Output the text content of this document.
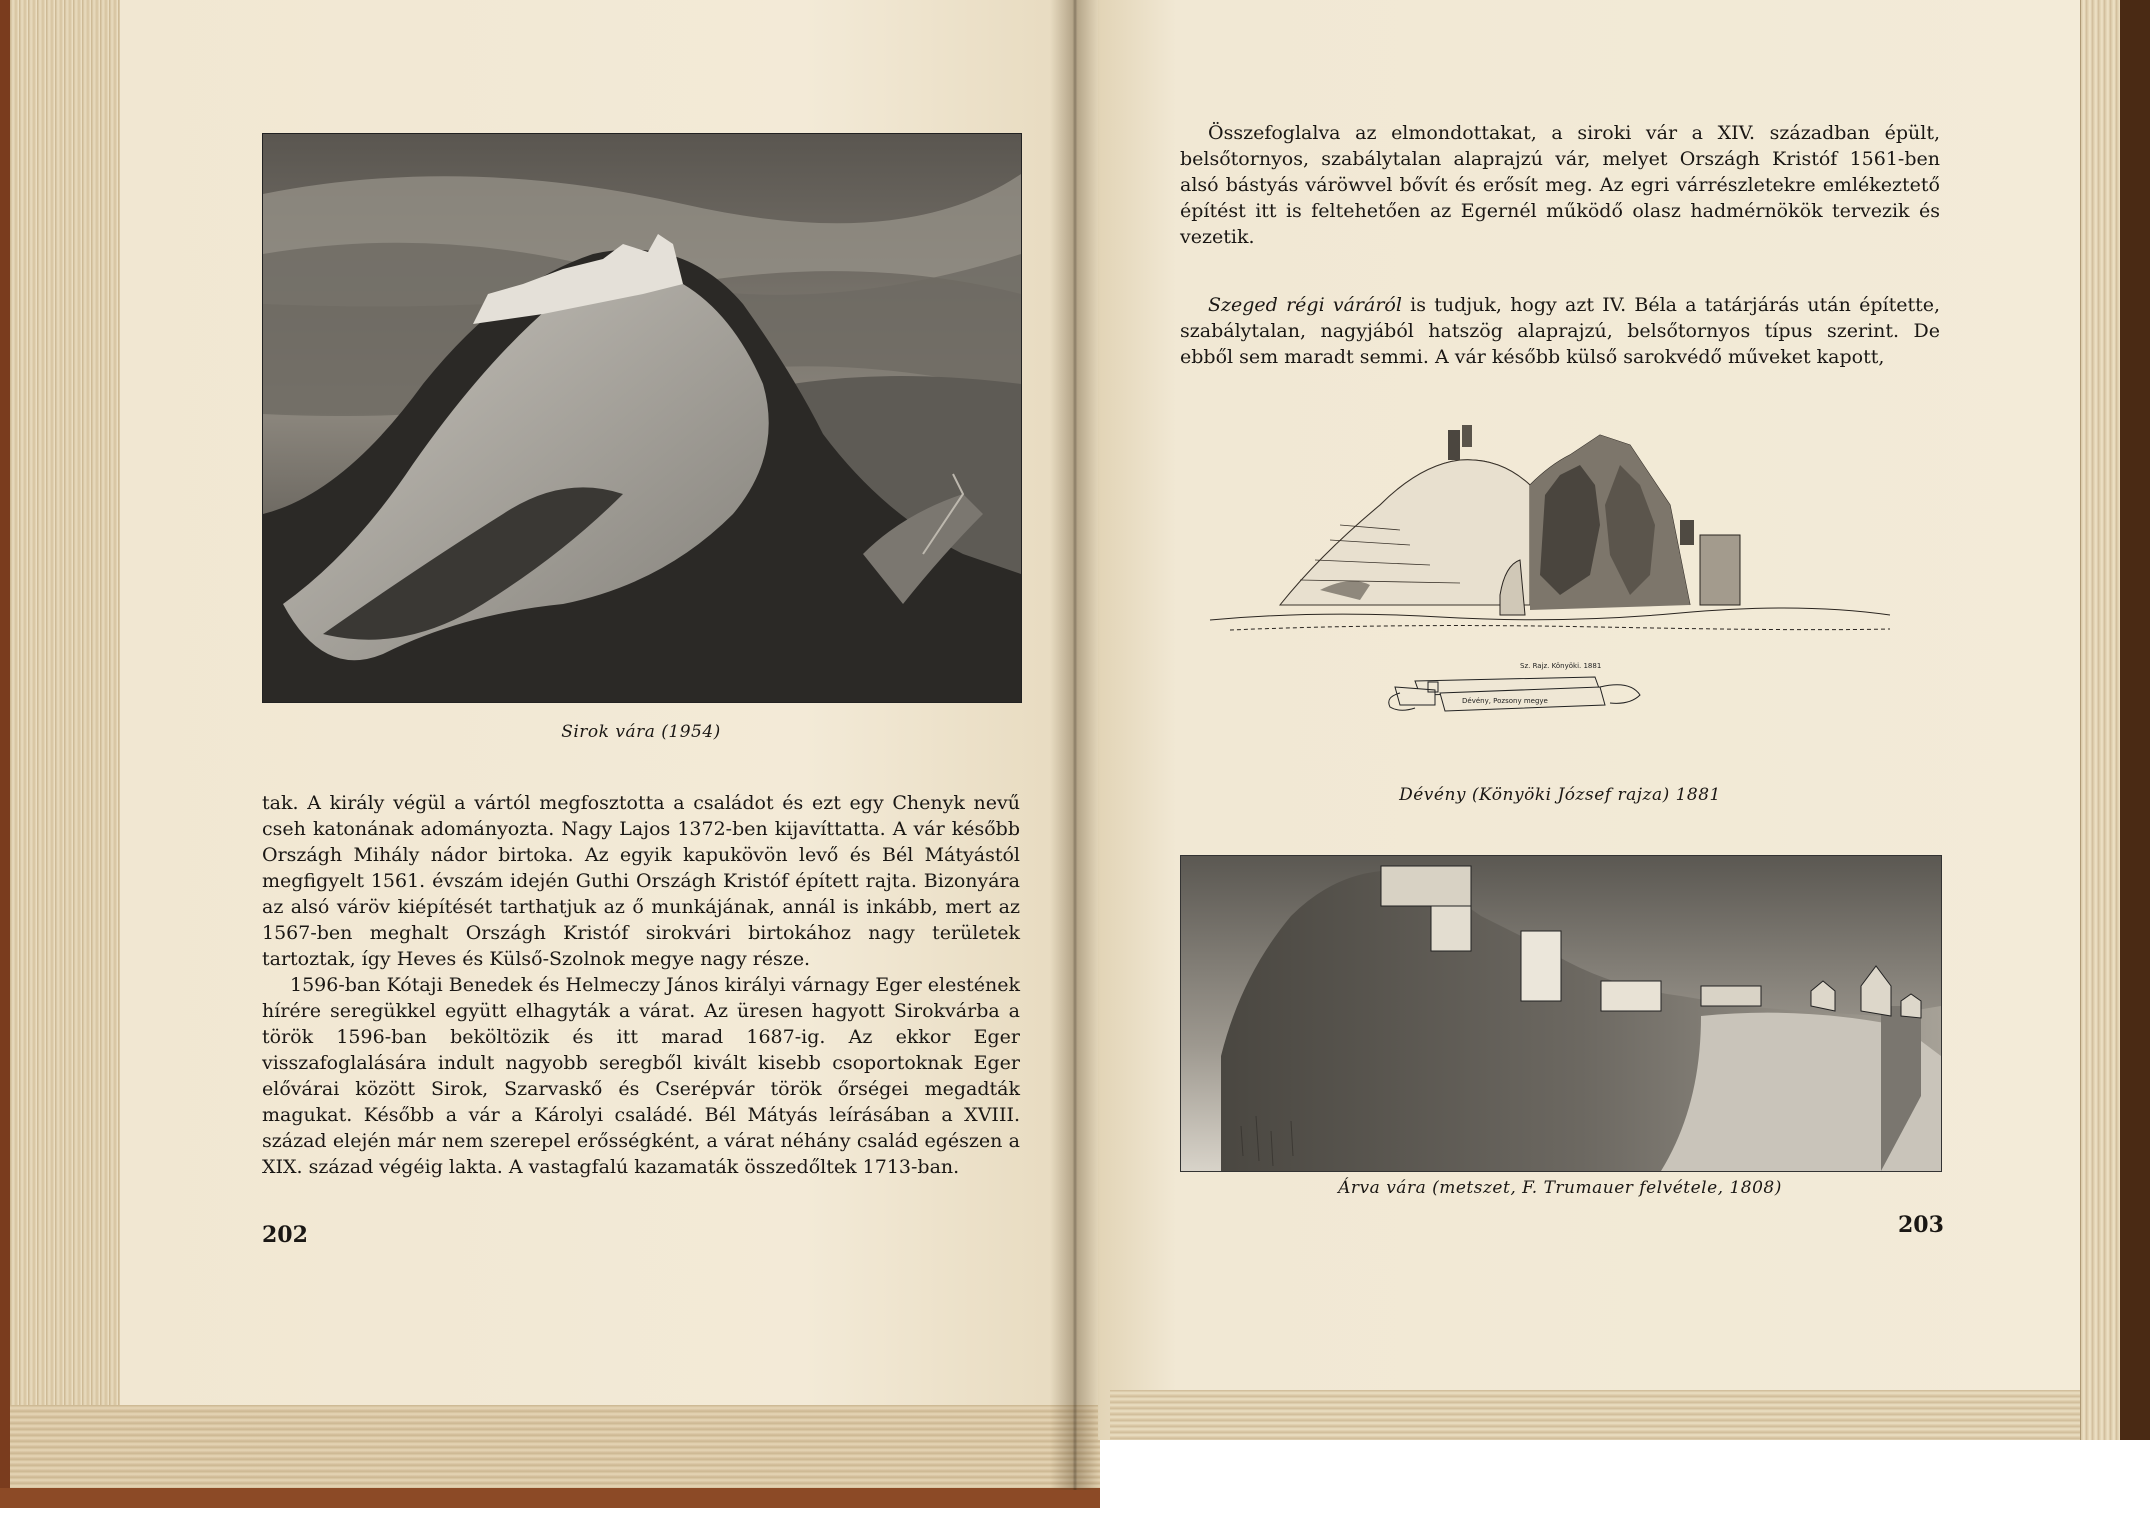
Sirok vára (1954)

tak. A király végül a vártól megfosztotta a családot és ezt egy Chenyk nevű cseh katonának adományozta. Nagy Lajos 1372-ben kijavíttatta. A vár később Országh Mihály nádor birtoka. Az egyik kapukövön levő és Bél Mátyástól megfigyelt 1561. évszám idején Guthi Országh Kristóf épített rajta. Bizonyára az alsó váröv kiépítését tarthatjuk az ő munkájának, annál is inkább, mert az 1567-ben meghalt Országh Kristóf sirokvári birtokához nagy területek tartoztak, így Heves és Külső-Szolnok megye nagy része.

1596-ban Kótaji Benedek és Helmeczy János királyi várnagy Eger elestének hírére seregükkel együtt elhagyták a várat. Az üresen hagyott Sirokvárba a török 1596-ban beköltözik és itt marad 1687-ig. Az ekkor Eger visszafoglalására indult nagyobb seregből kivált kisebb csoportoknak Eger elővárai között Sirok, Szarvaskő és Cserépvár török őrségei megadták magukat. Később a vár a Károlyi családé. Bél Mátyás leírásában a XVIII. század elején már nem szerepel erősségként, a várat néhány család egészen a XIX. század végéig lakta. A vastagfalú kazamaták összedőltek 1713-ban.

202

Összefoglalva az elmondottakat, a siroki vár a XIV. században épült, belsőtornyos, szabálytalan alaprajzú vár, melyet Országh Kristóf 1561-ben alsó bástyás váröwvel bővít és erősít meg. Az egri várrészletekre emlékeztető építést itt is feltehetően az Egernél működő olasz hadmérnökök tervezik és vezetik.

Szeged régi váráról is tudjuk, hogy azt IV. Béla a tatárjárás után építette, szabálytalan, nagyjából hatszög alaprajzú, belsőtornyos típus szerint. De ebből sem maradt semmi. A vár később külső sarokvédő műveket kapott,

Sz. Rajz. Könyöki. 1881
Dévény, Pozsony megye
Dévény (Könyöki József rajza) 1881
Árva vára (metszet, F. Trumauer felvétele, 1808)
203
